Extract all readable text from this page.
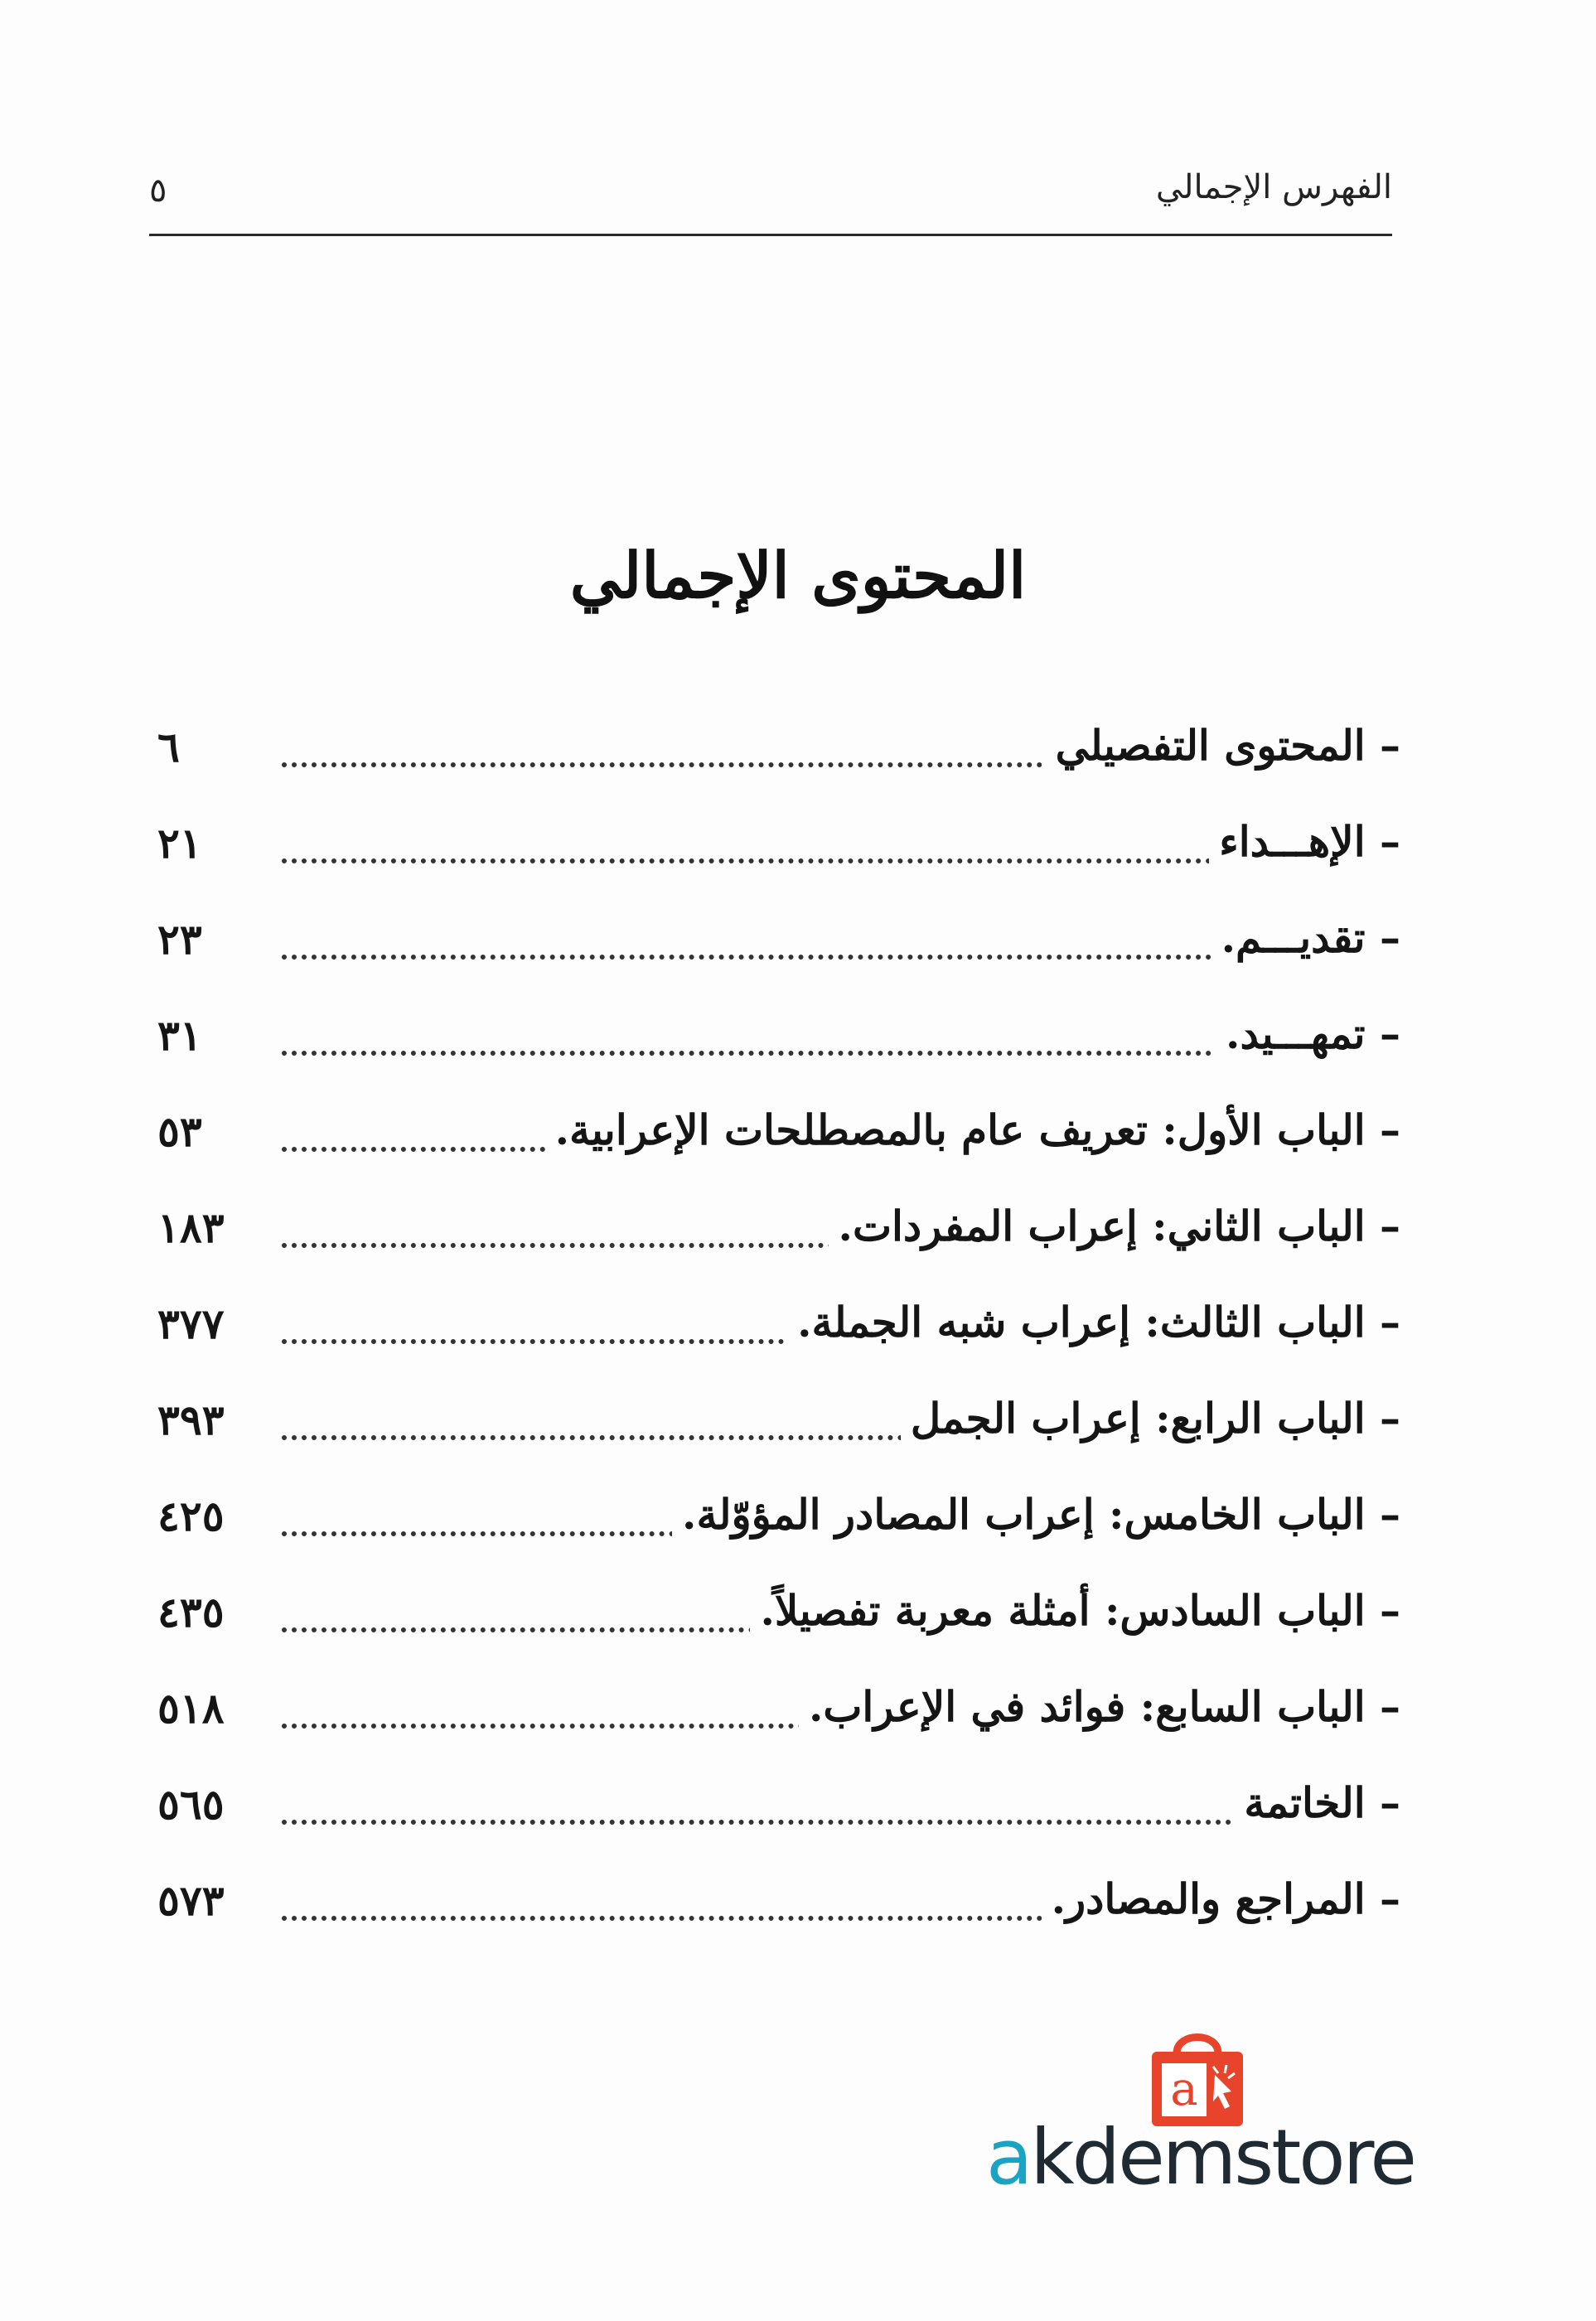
الفهرس الإجمالي
٥
المحتوى الإجمالي
– المحتوى التفصيلي
٦
– الإهـــداء
٢١
– تقديـــم.
٢٣
– تمهـــيد.
٣١
– الباب الأول: تعريف عام بالمصطلحات الإعرابية.
٥٣
– الباب الثاني: إعراب المفردات.
١٨٣
– الباب الثالث: إعراب شبه الجملة.
٣٧٧
– الباب الرابع: إعراب الجمل
٣٩٣
– الباب الخامس: إعراب المصادر المؤوّلة.
٤٢٥
– الباب السادس: أمثلة معربة تفصيلاً.
٤٣٥
– الباب السابع: فوائد في الإعراب.
٥١٨
– الخاتمة
٥٦٥
– المراجع والمصادر.
٥٧٣
a
akdemstore
